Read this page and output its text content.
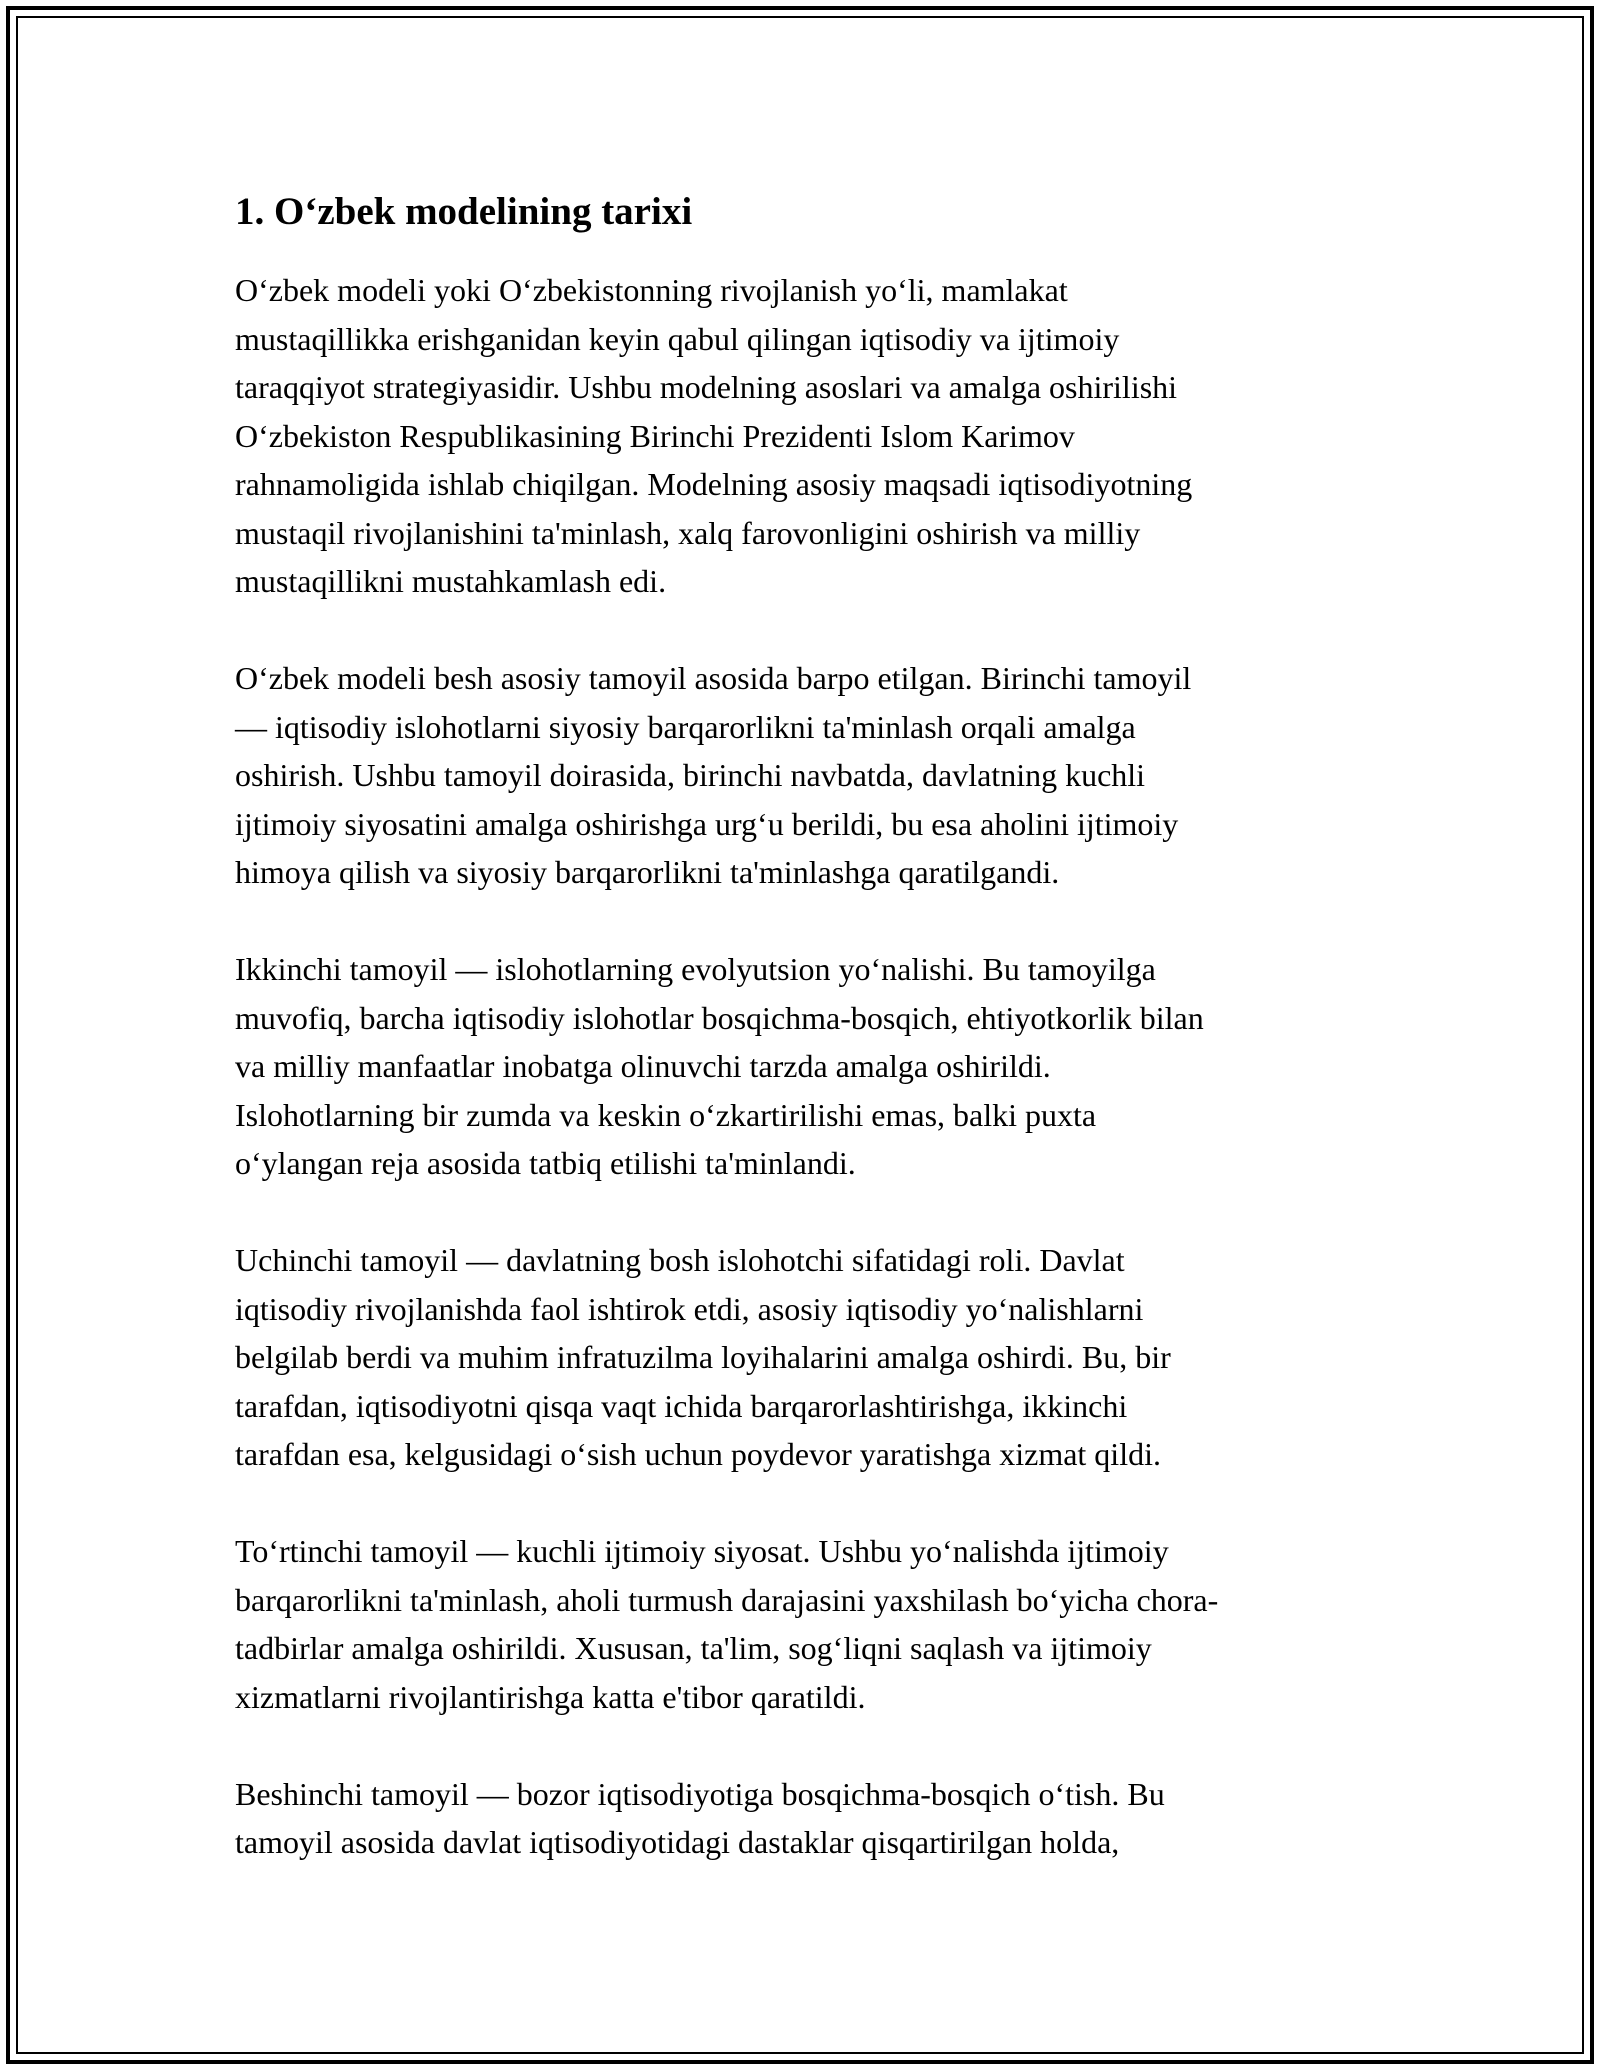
1. Oʻzbek modelining tarixi

Oʻzbek modeli yoki Oʻzbekistonning rivojlanish yoʻli, mamlakat
mustaqillikka erishganidan keyin qabul qilingan iqtisodiy va ijtimoiy
taraqqiyot strategiyasidir. Ushbu modelning asoslari va amalga oshirilishi
Oʻzbekiston Respublikasining Birinchi Prezidenti Islom Karimov
rahnamoligida ishlab chiqilgan. Modelning asosiy maqsadi iqtisodiyotning
mustaqil rivojlanishini ta'minlash, xalq farovonligini oshirish va milliy
mustaqillikni mustahkamlash edi.

Oʻzbek modeli besh asosiy tamoyil asosida barpo etilgan. Birinchi tamoyil
— iqtisodiy islohotlarni siyosiy barqarorlikni ta'minlash orqali amalga
oshirish. Ushbu tamoyil doirasida, birinchi navbatda, davlatning kuchli
ijtimoiy siyosatini amalga oshirishga urgʻu berildi, bu esa aholini ijtimoiy
himoya qilish va siyosiy barqarorlikni ta'minlashga qaratilgandi.

Ikkinchi tamoyil — islohotlarning evolyutsion yoʻnalishi. Bu tamoyilga
muvofiq, barcha iqtisodiy islohotlar bosqichma-bosqich, ehtiyotkorlik bilan
va milliy manfaatlar inobatga olinuvchi tarzda amalga oshirildi.
Islohotlarning bir zumda va keskin oʻzkartirilishi emas, balki puxta
oʻylangan reja asosida tatbiq etilishi ta'minlandi.

Uchinchi tamoyil — davlatning bosh islohotchi sifatidagi roli. Davlat
iqtisodiy rivojlanishda faol ishtirok etdi, asosiy iqtisodiy yoʻnalishlarni
belgilab berdi va muhim infratuzilma loyihalarini amalga oshirdi. Bu, bir
tarafdan, iqtisodiyotni qisqa vaqt ichida barqarorlashtirishga, ikkinchi
tarafdan esa, kelgusidagi oʻsish uchun poydevor yaratishga xizmat qildi.

Toʻrtinchi tamoyil — kuchli ijtimoiy siyosat. Ushbu yoʻnalishda ijtimoiy
barqarorlikni ta'minlash, aholi turmush darajasini yaxshilash boʻyicha chora-
tadbirlar amalga oshirildi. Xususan, ta'lim, sogʻliqni saqlash va ijtimoiy
xizmatlarni rivojlantirishga katta e'tibor qaratildi.

Beshinchi tamoyil — bozor iqtisodiyotiga bosqichma-bosqich oʻtish. Bu
tamoyil asosida davlat iqtisodiyotidagi dastaklar qisqartirilgan holda,
